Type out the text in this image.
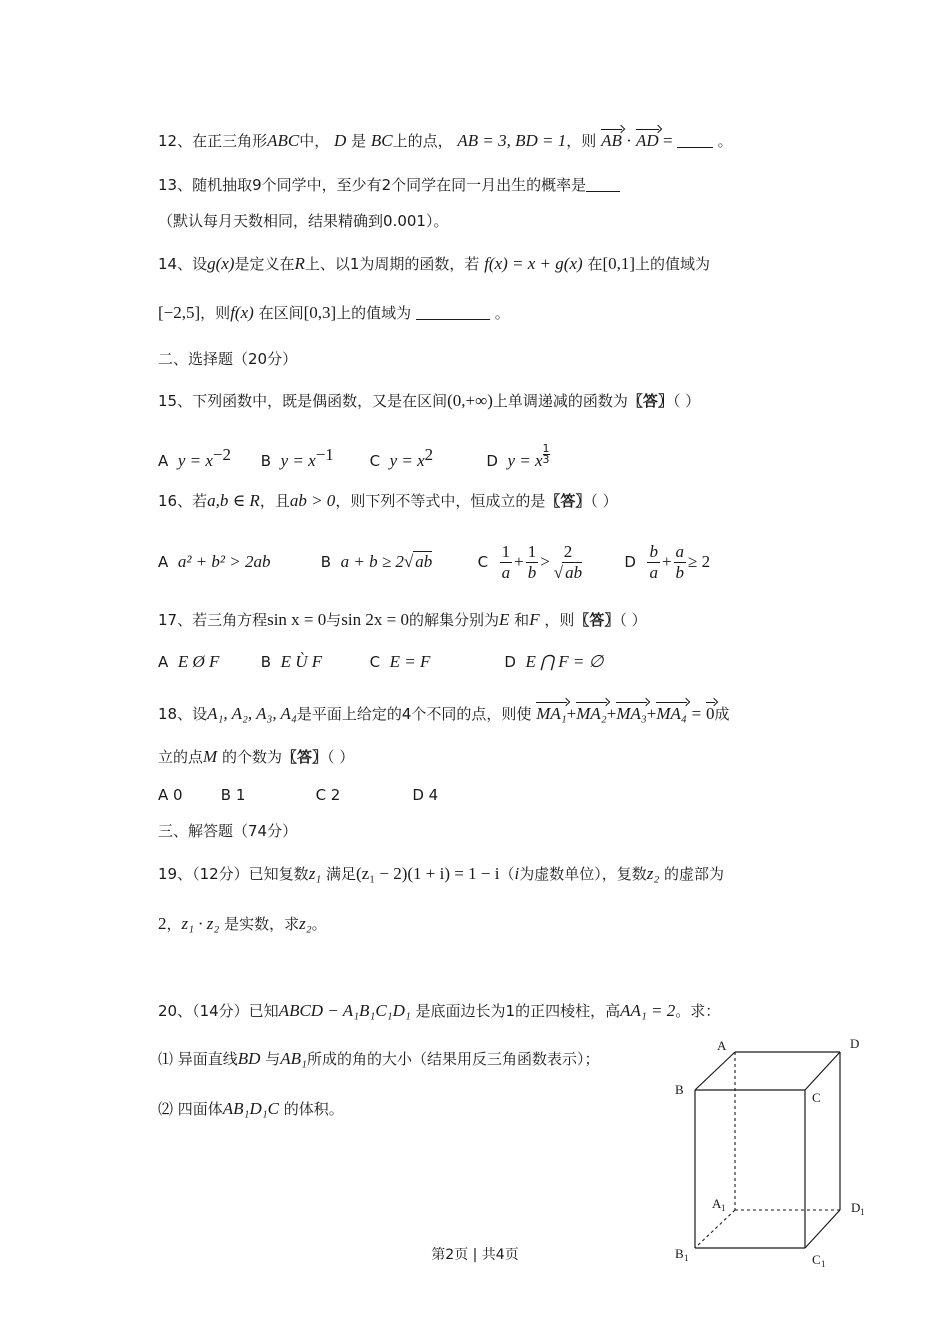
12、在正三角形ABC中， D 是 BC上的点， AB = 3, BD = 1，则 AB · AD =	。
13、随机抽取9个同学中，至少有2个同学在同一月出生的概率是
（默认每月天数相同，结果精确到0.001）。
14、设g(x)是定义在R上、以1为周期的函数，若 f(x) = x + g(x) 在[0,1]上的值域为
[−2,5]，则f(x) 在区间[0,3]上的值域为	。
二、选择题（20分）
15、下列函数中，既是偶函数，又是在区间(0,+∞)上单调递减的函数为〖答〗（ ）
A $y = x^{-2}$ B $y = x^{-1}$ C $y = x^2$	D y = x $^{\frac{1}{3}}$
16、若a,b ∈ R，且ab > 0，则下列不等式中，恒成立的是〖答〗（ ）
A a² + b² > 2ab	B a + b ≥ 2√ ab	C $\frac{1}{a} + \frac{1}{b} > \frac{2}{√ ab}$	D $\frac{b}{a} + \frac{a}{b} \ge 2$
17、若三角方程sin x = 0与sin 2x = 0的解集分别为E 和F ，则〖答〗（ ）
A E Ø F	B E Ù F	C E = F	D E ⋂ F = ∅
18、设A₁, A₂, A₃, A₄是平面上给定的4个不同的点，则使 MA₁+MA₂+MA₃+MA₄ = 0成
立的点M 的个数为〖答〗（ ）
A 0	B 1	C 2	D 4
三、解答题（74分）
19、（12分）已知复数z₁ 满足(z₁ − 2)(1 + i) = 1 − i（i为虚数单位），复数z₂ 的虚部为
2，z₁ · z₂ 是实数，求z₂。
20、（14分）已知ABCD − A₁B₁C₁D₁ 是底面边长为1的正四棱柱，高AA₁ = 2。求：
⑴ 异面直线BD 与AB₁所成的角的大小（结果用反三角函数表示）；
⑵ 四面体AB₁D₁C 的体积。
A	D
B
C
A 1	D 1
B 1	C 1
第2页 | 共4页
